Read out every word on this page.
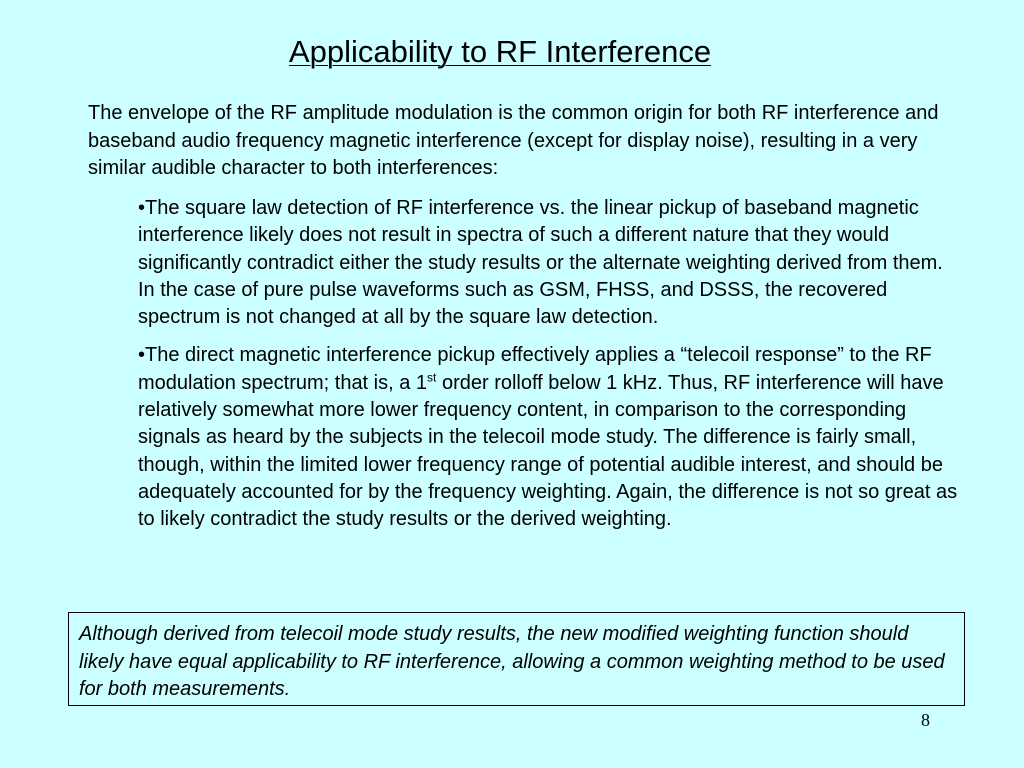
Applicability to RF Interference

The envelope of the RF amplitude modulation is the common origin for both RF interference and baseband audio frequency magnetic interference (except for display noise), resulting in a very similar audible character to both interferences:

•The square law detection of RF interference vs. the linear pickup of baseband magnetic interference likely does not result in spectra of such a different nature that they would significantly contradict either the study results or the alternate weighting derived from them. In the case of pure pulse waveforms such as GSM, FHSS, and DSSS, the recovered spectrum is not changed at all by the square law detection.
•The direct magnetic interference pickup effectively applies a “telecoil response” to the RF modulation spectrum; that is, a 1st order rolloff below 1 kHz. Thus, RF interference will have relatively somewhat more lower frequency content, in comparison to the corresponding signals as heard by the subjects in the telecoil mode study. The difference is fairly small, though, within the limited lower frequency range of potential audible interest, and should be adequately accounted for by the frequency weighting. Again, the difference is not so great as to likely contradict the study results or the derived weighting.
Although derived from telecoil mode study results, the new modified weighting function should likely have equal applicability to RF interference, allowing a common weighting method to be used for both measurements.
8
